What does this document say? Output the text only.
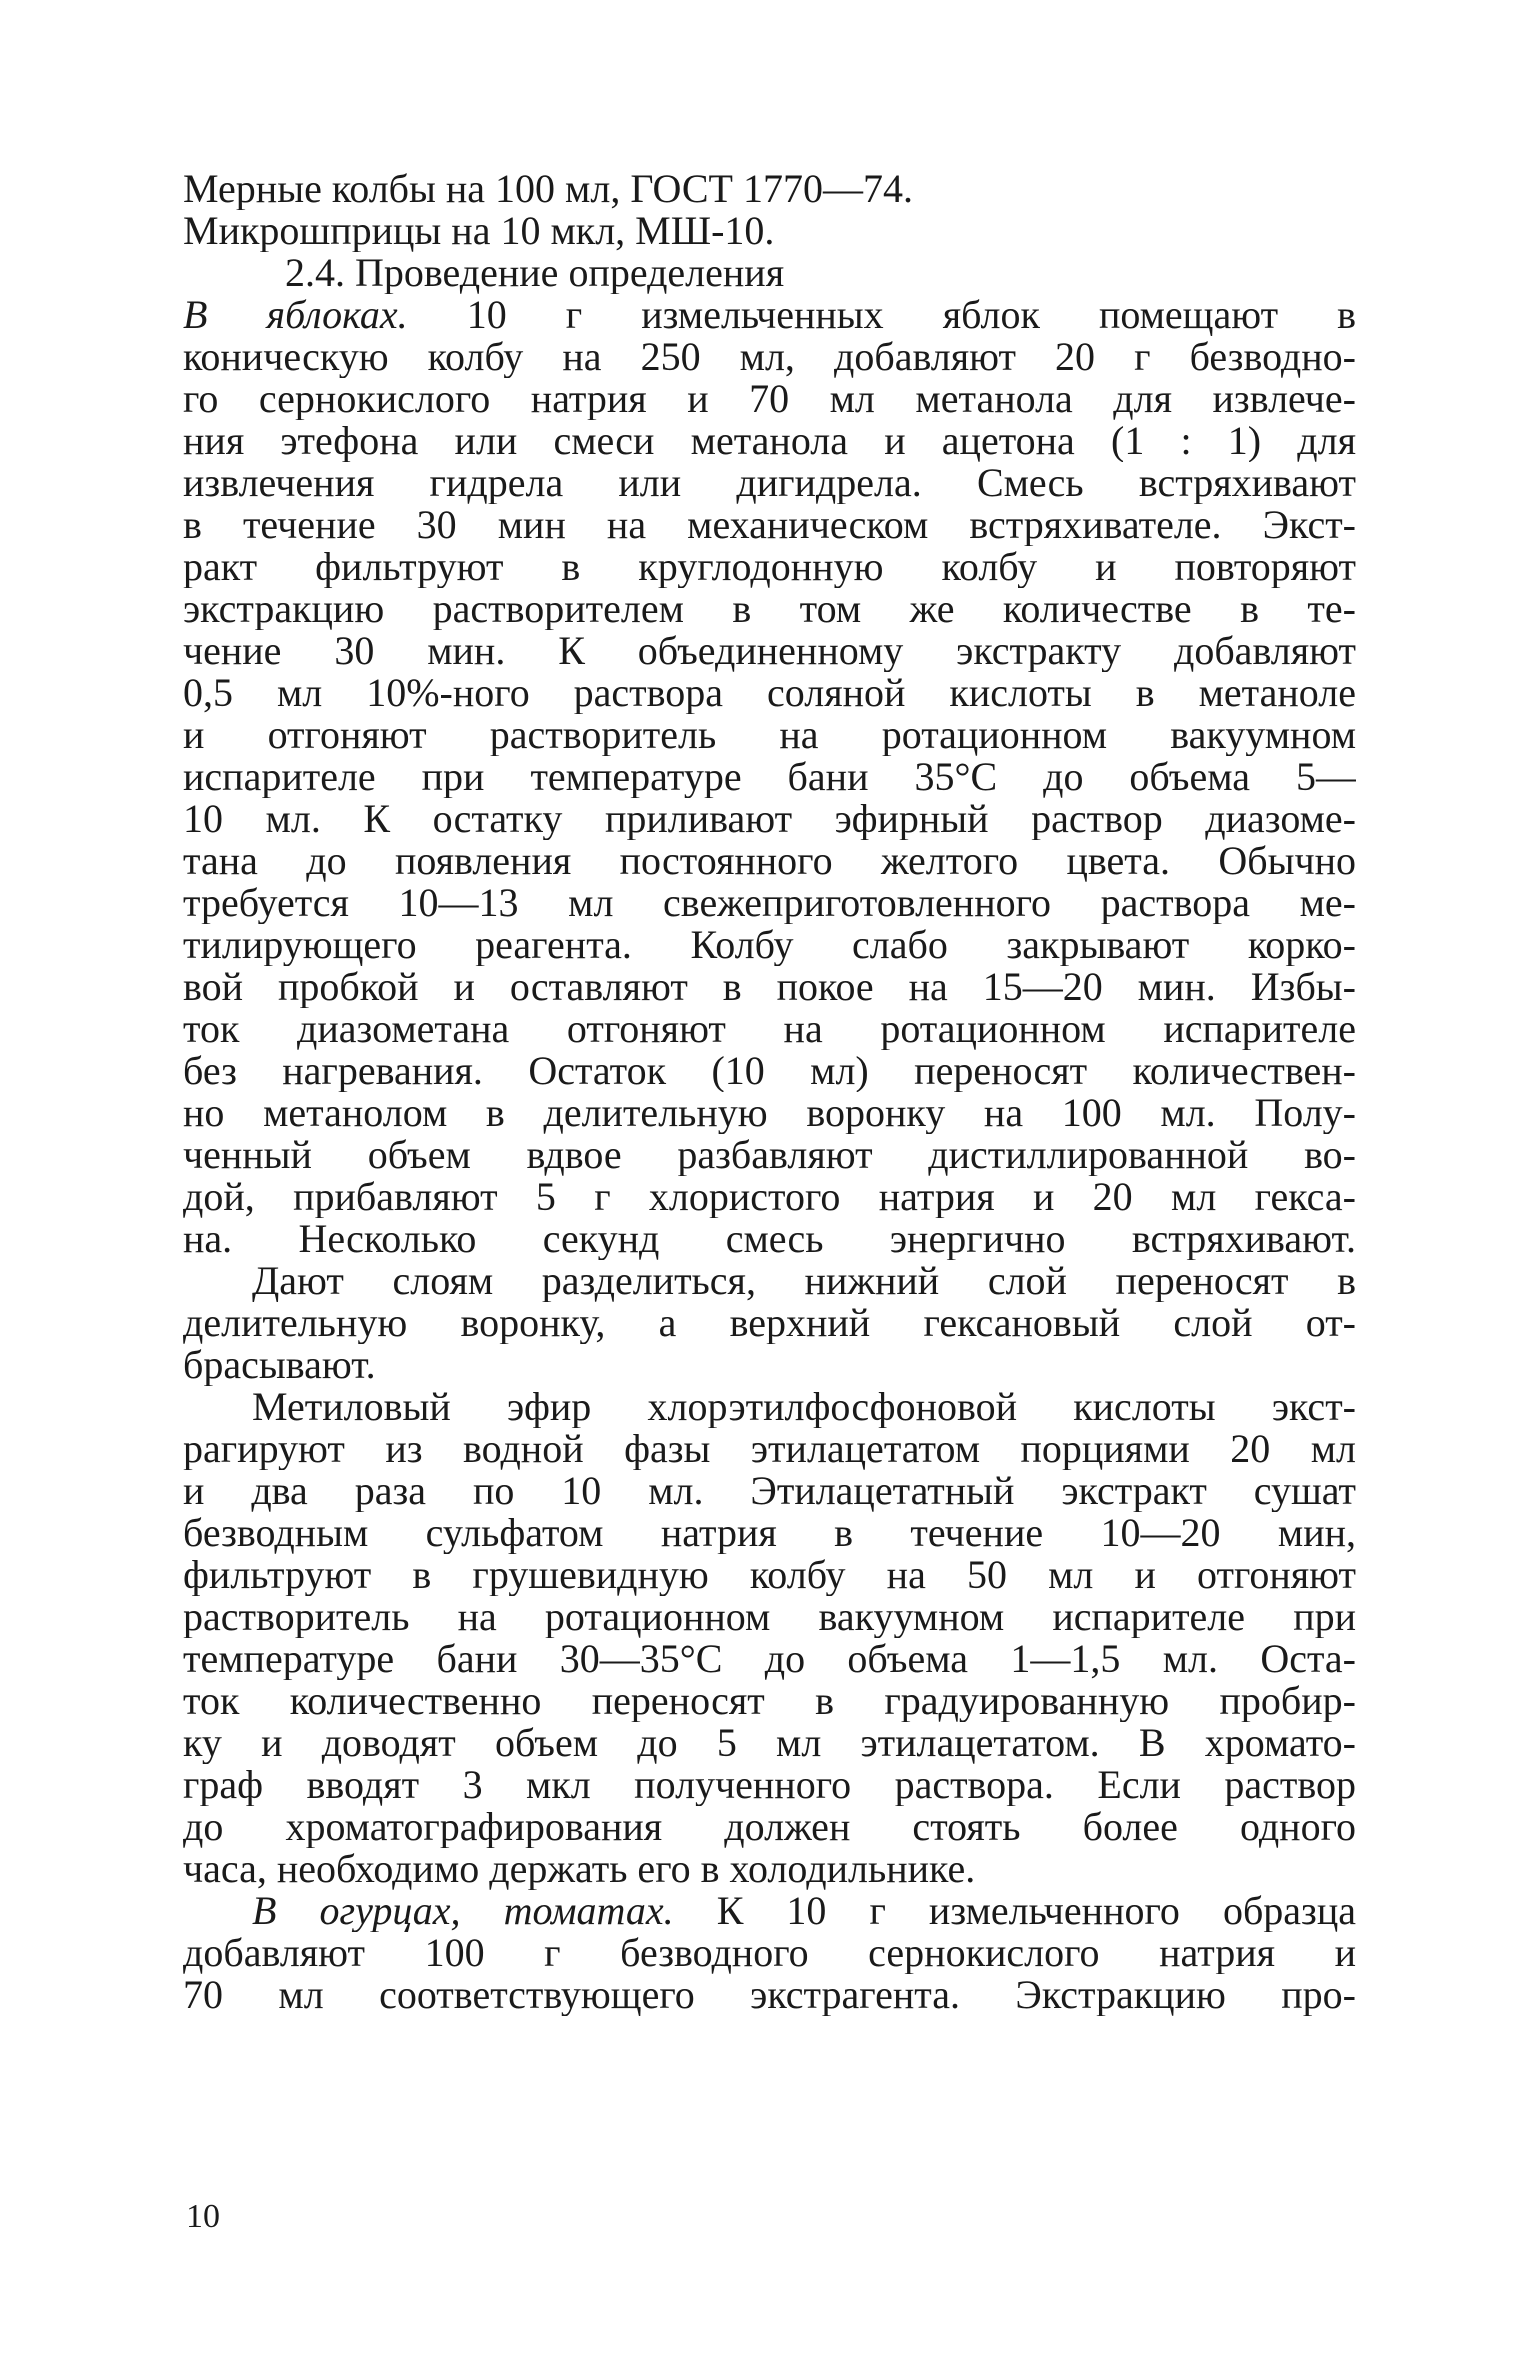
Мерные колбы на 100 мл, ГОСТ 1770—74.
Микрошприцы на 10 мкл, МШ-10.
2.4. Проведение определения
В яблоках. 10 г измельченных яблок помещают в
коническую колбу на 250 мл, добавляют 20 г безводно-
го сернокислого натрия и 70 мл метанола для извлече-
ния этефона или смеси метанола и ацетона (1 : 1) для
извлечения гидрела или дигидрела. Смесь встряхивают
в течение 30 мин на механическом встряхивателе. Экст-
ракт фильтруют в круглодонную колбу и повторяют
экстракцию растворителем в том же количестве в те-
чение 30 мин. К объединенному экстракту добавляют
0,5 мл 10%-ного раствора соляной кислоты в метаноле
и отгоняют растворитель на ротационном вакуумном
испарителе при температуре бани 35°С до объема 5—
10 мл. К остатку приливают эфирный раствор диазоме-
тана до появления постоянного желтого цвета. Обычно
требуется 10—13 мл свежеприготовленного раствора ме-
тилирующего реагента. Колбу слабо закрывают корко-
вой пробкой и оставляют в покое на 15—20 мин. Избы-
ток диазометана отгоняют на ротационном испарителе
без нагревания. Остаток (10 мл) переносят количествен-
но метанолом в делительную воронку на 100 мл. Полу-
ченный объем вдвое разбавляют дистиллированной во-
дой, прибавляют 5 г хлористого натрия и 20 мл гекса-
на. Несколько секунд смесь энергично встряхивают.
Дают слоям разделиться, нижний слой переносят в
делительную воронку, а верхний гексановый слой от-
брасывают.
Метиловый эфир хлорэтилфосфоновой кислоты экст-
рагируют из водной фазы этилацетатом порциями 20 мл
и два раза по 10 мл. Этилацетатный экстракт сушат
безводным сульфатом натрия в течение 10—20 мин,
фильтруют в грушевидную колбу на 50 мл и отгоняют
растворитель на ротационном вакуумном испарителе при
температуре бани 30—35°С до объема 1—1,5 мл. Оста-
ток количественно переносят в градуированную пробир-
ку и доводят объем до 5 мл этилацетатом. В хромато-
граф вводят 3 мкл полученного раствора. Если раствор
до хроматографирования должен стоять более одного
часа, необходимо держать его в холодильнике.
В огурцах, томатах. К 10 г измельченного образца
добавляют 100 г безводного сернокислого натрия и
70 мл соответствующего экстрагента. Экстракцию про-
10
